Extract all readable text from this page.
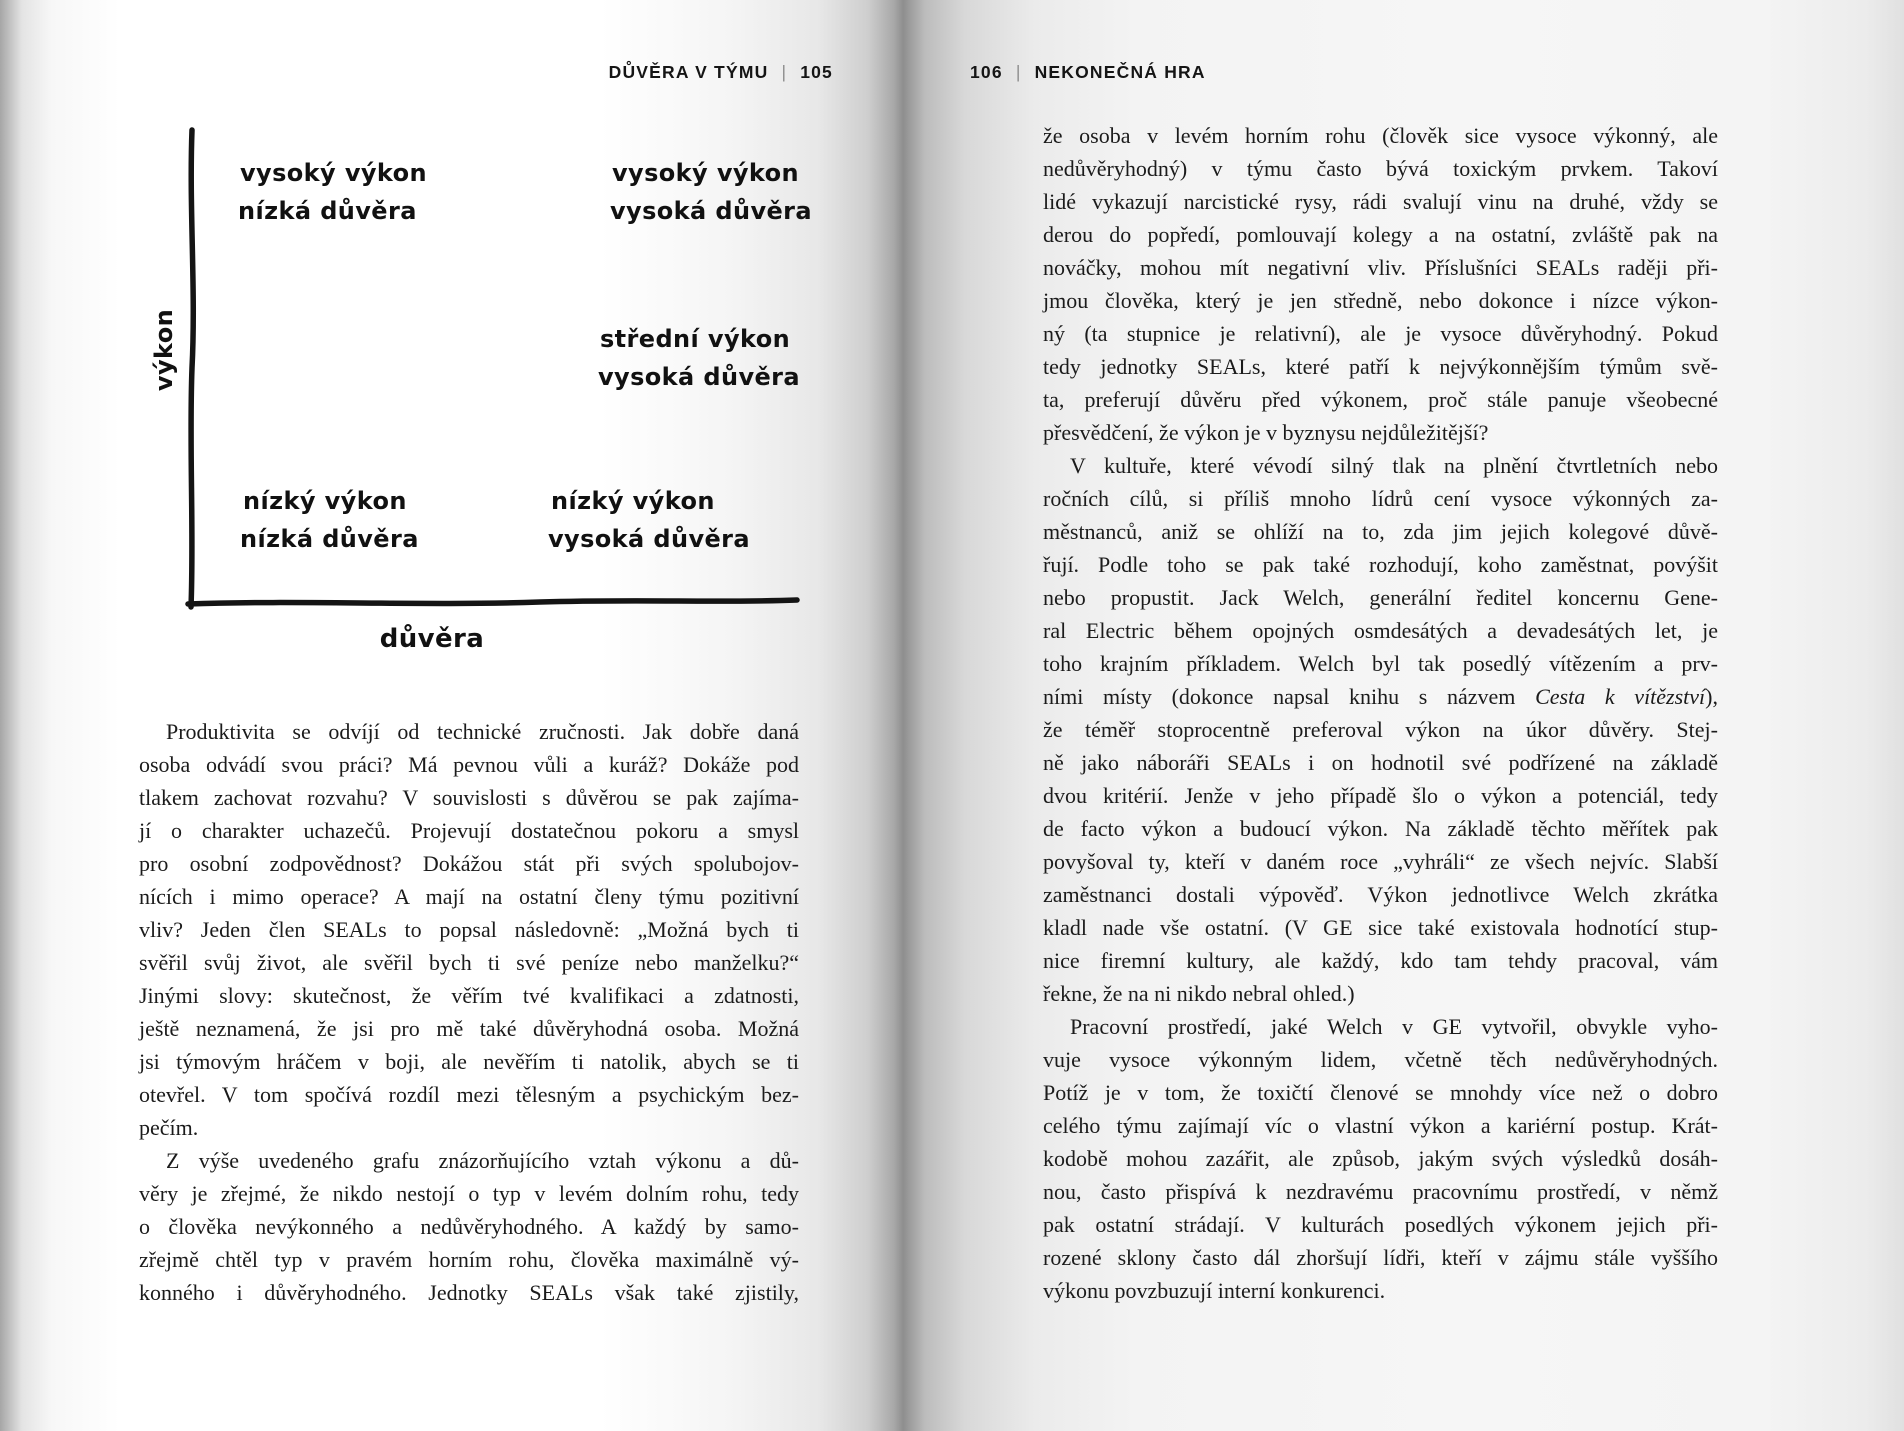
DŮVĚRA V TÝMU | 105
výkon
důvěra
vysoký výkon
nízká důvěra
vysoký výkon
vysoká důvěra
střední výkon
vysoká důvěra
nízký výkon
nízká důvěra
nízký výkon
vysoká důvěra
Produktivita se odvíjí od technické zručnosti. Jak dobře daná
osoba odvádí svou práci? Má pevnou vůli a kuráž? Dokáže pod
tlakem zachovat rozvahu? V souvislosti s důvěrou se pak zajíma-
jí o charakter uchazečů. Projevují dostatečnou pokoru a smysl
pro osobní zodpovědnost? Dokážou stát při svých spolubojov-
nících i mimo operace? A mají na ostatní členy týmu pozitivní
vliv? Jeden člen SEALs to popsal následovně: „Možná bych ti
svěřil svůj život, ale svěřil bych ti své peníze nebo manželku?“
Jinými slovy: skutečnost, že věřím tvé kvalifikaci a zdatnosti,
ještě neznamená, že jsi pro mě také důvěryhodná osoba. Možná
jsi týmovým hráčem v boji, ale nevěřím ti natolik, abych se ti
otevřel. V tom spočívá rozdíl mezi tělesným a psychickým bez-
pečím.
Z výše uvedeného grafu znázorňujícího vztah výkonu a dů-
věry je zřejmé, že nikdo nestojí o typ v levém dolním rohu, tedy
o člověka nevýkonného a nedůvěryhodného. A každý by samo-
zřejmě chtěl typ v pravém horním rohu, člověka maximálně vý-
konného i důvěryhodného. Jednotky SEALs však také zjistily,
106 | NEKONEČNÁ HRA
že osoba v levém horním rohu (člověk sice vysoce výkonný, ale
nedůvěryhodný) v týmu často bývá toxickým prvkem. Takoví
lidé vykazují narcistické rysy, rádi svalují vinu na druhé, vždy se
derou do popředí, pomlouvají kolegy a na ostatní, zvláště pak na
nováčky, mohou mít negativní vliv. Příslušníci SEALs raději při-
jmou člověka, který je jen středně, nebo dokonce i nízce výkon-
ný (ta stupnice je relativní), ale je vysoce důvěryhodný. Pokud
tedy jednotky SEALs, které patří k nejvýkonnějším týmům svě-
ta, preferují důvěru před výkonem, proč stále panuje všeobecné
přesvědčení, že výkon je v byznysu nejdůležitější?
V kultuře, které vévodí silný tlak na plnění čtvrtletních nebo
ročních cílů, si příliš mnoho lídrů cení vysoce výkonných za-
městnanců, aniž se ohlíží na to, zda jim jejich kolegové důvě-
řují. Podle toho se pak také rozhodují, koho zaměstnat, povýšit
nebo propustit. Jack Welch, generální ředitel koncernu Gene-
ral Electric během opojných osmdesátých a devadesátých let, je
toho krajním příkladem. Welch byl tak posedlý vítězením a prv-
ními místy (dokonce napsal knihu s názvem Cesta k vítězství),
že téměř stoprocentně preferoval výkon na úkor důvěry. Stej-
ně jako náboráři SEALs i on hodnotil své podřízené na základě
dvou kritérií. Jenže v jeho případě šlo o výkon a potenciál, tedy
de facto výkon a budoucí výkon. Na základě těchto měřítek pak
povyšoval ty, kteří v daném roce „vyhráli“ ze všech nejvíc. Slabší
zaměstnanci dostali výpověď. Výkon jednotlivce Welch zkrátka
kladl nade vše ostatní. (V GE sice také existovala hodnotící stup-
nice firemní kultury, ale každý, kdo tam tehdy pracoval, vám
řekne, že na ni nikdo nebral ohled.)
Pracovní prostředí, jaké Welch v GE vytvořil, obvykle vyho-
vuje vysoce výkonným lidem, včetně těch nedůvěryhodných.
Potíž je v tom, že toxičtí členové se mnohdy více než o dobro
celého týmu zajímají víc o vlastní výkon a kariérní postup. Krát-
kodobě mohou zazářit, ale způsob, jakým svých výsledků dosáh-
nou, často přispívá k nezdravému pracovnímu prostředí, v němž
pak ostatní strádají. V kulturách posedlých výkonem jejich při-
rozené sklony často dál zhoršují lídři, kteří v zájmu stále vyššího
výkonu povzbuzují interní konkurenci.
